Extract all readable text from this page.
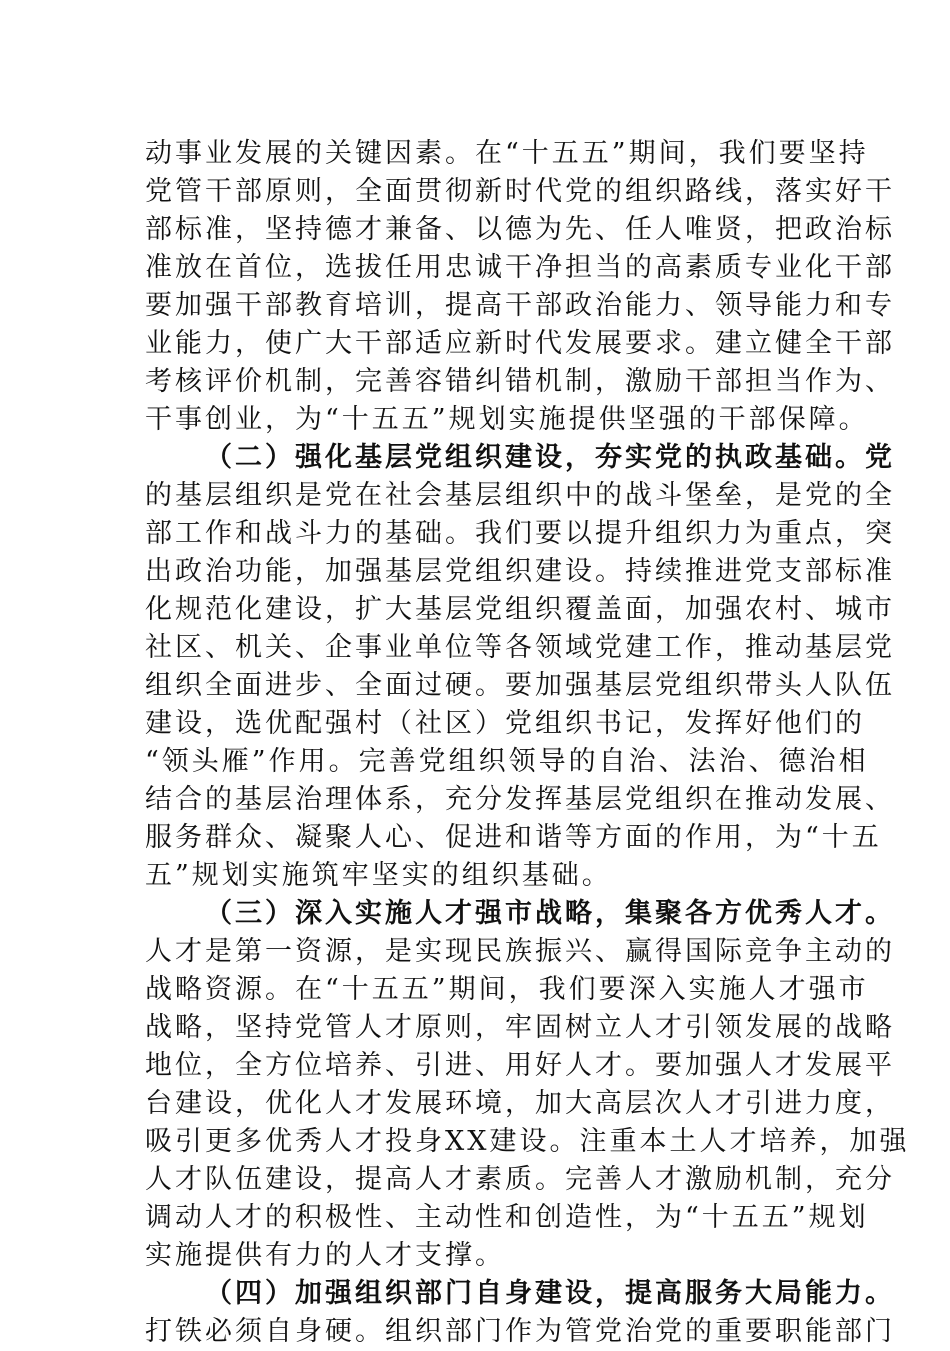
动事业发展的关键因素。在“十五五”期间，我们要坚持
党管干部原则，全面贯彻新时代党的组织路线，落实好干
部标准，坚持德才兼备、以德为先、任人唯贤，把政治标
准放在首位，选拔任用忠诚干净担当的高素质专业化干部
要加强干部教育培训，提高干部政治能力、领导能力和专
业能力，使广大干部适应新时代发展要求。建立健全干部
考核评价机制，完善容错纠错机制，激励干部担当作为、
干事创业，为“十五五”规划实施提供坚强的干部保障。
（二）强化基层党组织建设，夯实党的执政基础。党
的基层组织是党在社会基层组织中的战斗堡垒，是党的全
部工作和战斗力的基础。我们要以提升组织力为重点，突
出政治功能，加强基层党组织建设。持续推进党支部标准
化规范化建设，扩大基层党组织覆盖面，加强农村、城市
社区、机关、企事业单位等各领域党建工作，推动基层党
组织全面进步、全面过硬。要加强基层党组织带头人队伍
建设，选优配强村（社区）党组织书记，发挥好他们的
“领头雁”作用。完善党组织领导的自治、法治、德治相
结合的基层治理体系，充分发挥基层党组织在推动发展、
服务群众、凝聚人心、促进和谐等方面的作用，为“十五
五”规划实施筑牢坚实的组织基础。
（三）深入实施人才强市战略，集聚各方优秀人才。
人才是第一资源，是实现民族振兴、赢得国际竞争主动的
战略资源。在“十五五”期间，我们要深入实施人才强市
战略，坚持党管人才原则，牢固树立人才引领发展的战略
地位，全方位培养、引进、用好人才。要加强人才发展平
台建设，优化人才发展环境，加大高层次人才引进力度，
吸引更多优秀人才投身XX建设。注重本土人才培养，加强
人才队伍建设，提高人才素质。完善人才激励机制，充分
调动人才的积极性、主动性和创造性，为“十五五”规划
实施提供有力的人才支撑。
（四）加强组织部门自身建设，提高服务大局能力。
打铁必须自身硬。组织部门作为管党治党的重要职能部门
